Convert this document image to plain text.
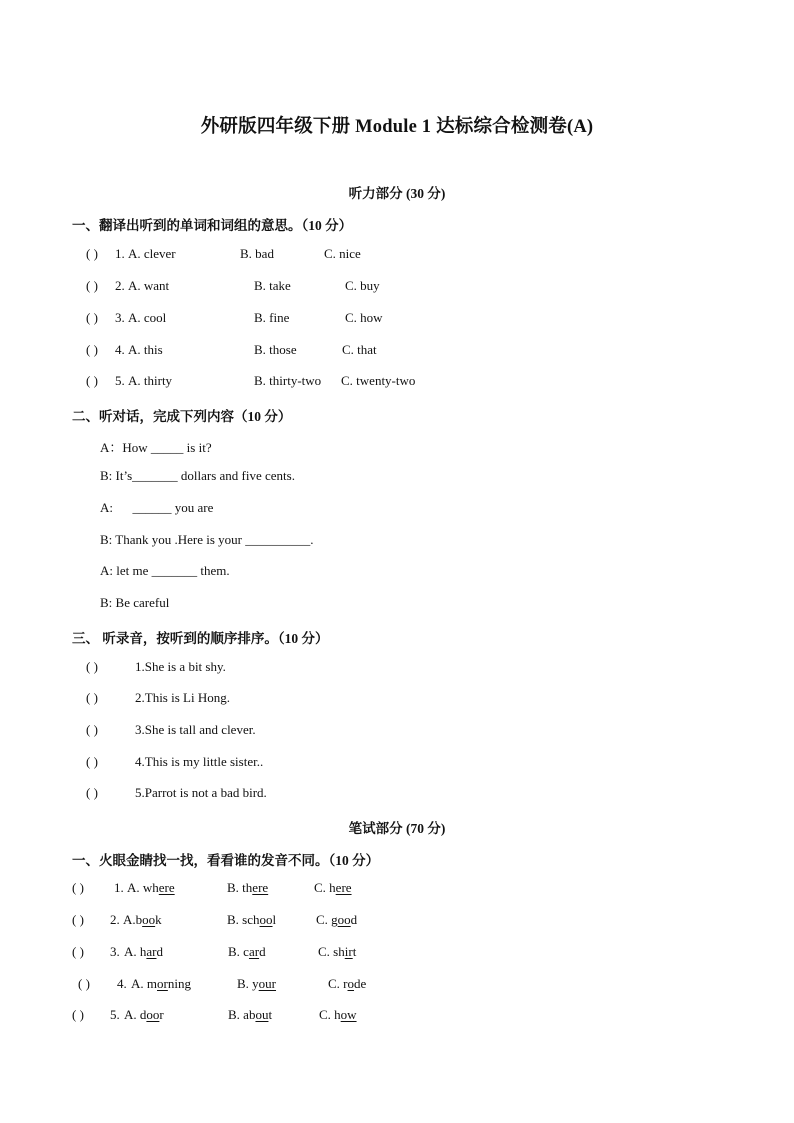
外研版四年级下册 Module 1 达标综合检测卷(A)
听力部分 (30 分)
一、翻译出听到的单词和词组的意思。（10 分）
( ) 1. A. clever	B. bad	C. nice
( ) 2. A. want	B. take	C. buy
( ) 3. A. cool	B. fine	C. how
( ) 4. A. this	B. those	C. that
( ) 5. A. thirty	B. thirty-two C. twenty-two
二、听对话，完成下列内容（10 分）
A：How _____ is it?
B: It’s_______ dollars and five cents.
A:      ______ you are
B: Thank you .Here is your __________.
A: let me _______ them.
B: Be careful
三、 听录音，按听到的顺序排序。（10 分）
( )	1.She is a bit shy.
( )	2.This is Li Hong.
( )	3.She is tall and clever.
( )	4.This is my little sister..
( )	5.Parrot is not a bad bird.
笔试部分 (70 分)
一、火眼金睛找一找，看看谁的发音不同。（10 分）
( ) 1. A. where	B. there	C. here
( ) 2. A.book	B. school	C. good
( ) 3. A. hard	B. card	C. shirt
( ) 4. A. morning	B. your	C. rode
( ) 5. A. door	B. about	C. how
